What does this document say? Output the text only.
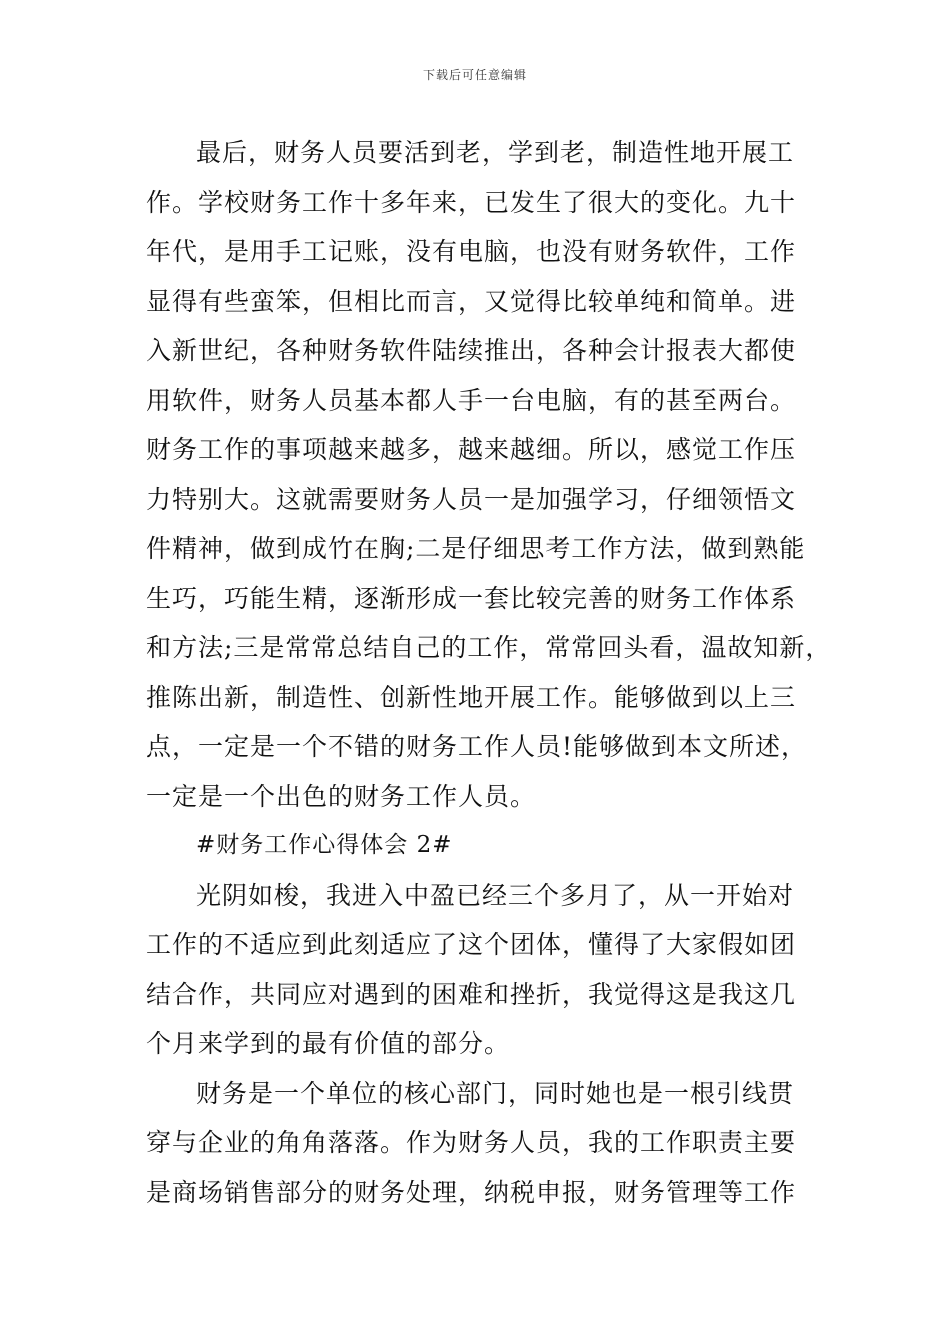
下载后可任意编辑
最后，财务人员要活到老，学到老，制造性地开展工
作。学校财务工作十多年来，已发生了很大的变化。九十
年代，是用手工记账，没有电脑，也没有财务软件，工作
显得有些蛮笨，但相比而言，又觉得比较单纯和简单。进
入新世纪，各种财务软件陆续推出，各种会计报表大都使
用软件，财务人员基本都人手一台电脑，有的甚至两台。
财务工作的事项越来越多，越来越细。所以，感觉工作压
力特别大。这就需要财务人员一是加强学习，仔细领悟文
件精神，做到成竹在胸;二是仔细思考工作方法，做到熟能
生巧，巧能生精，逐渐形成一套比较完善的财务工作体系
和方法;三是常常总结自己的工作，常常回头看，温故知新，
推陈出新，制造性、创新性地开展工作。能够做到以上三
点，一定是一个不错的财务工作人员!能够做到本文所述，
一定是一个出色的财务工作人员。
#财务工作心得体会 2#
光阴如梭，我进入中盈已经三个多月了，从一开始对
工作的不适应到此刻适应了这个团体，懂得了大家假如团
结合作，共同应对遇到的困难和挫折，我觉得这是我这几
个月来学到的最有价值的部分。
财务是一个单位的核心部门，同时她也是一根引线贯
穿与企业的角角落落。作为财务人员，我的工作职责主要
是商场销售部分的财务处理，纳税申报，财务管理等工作
